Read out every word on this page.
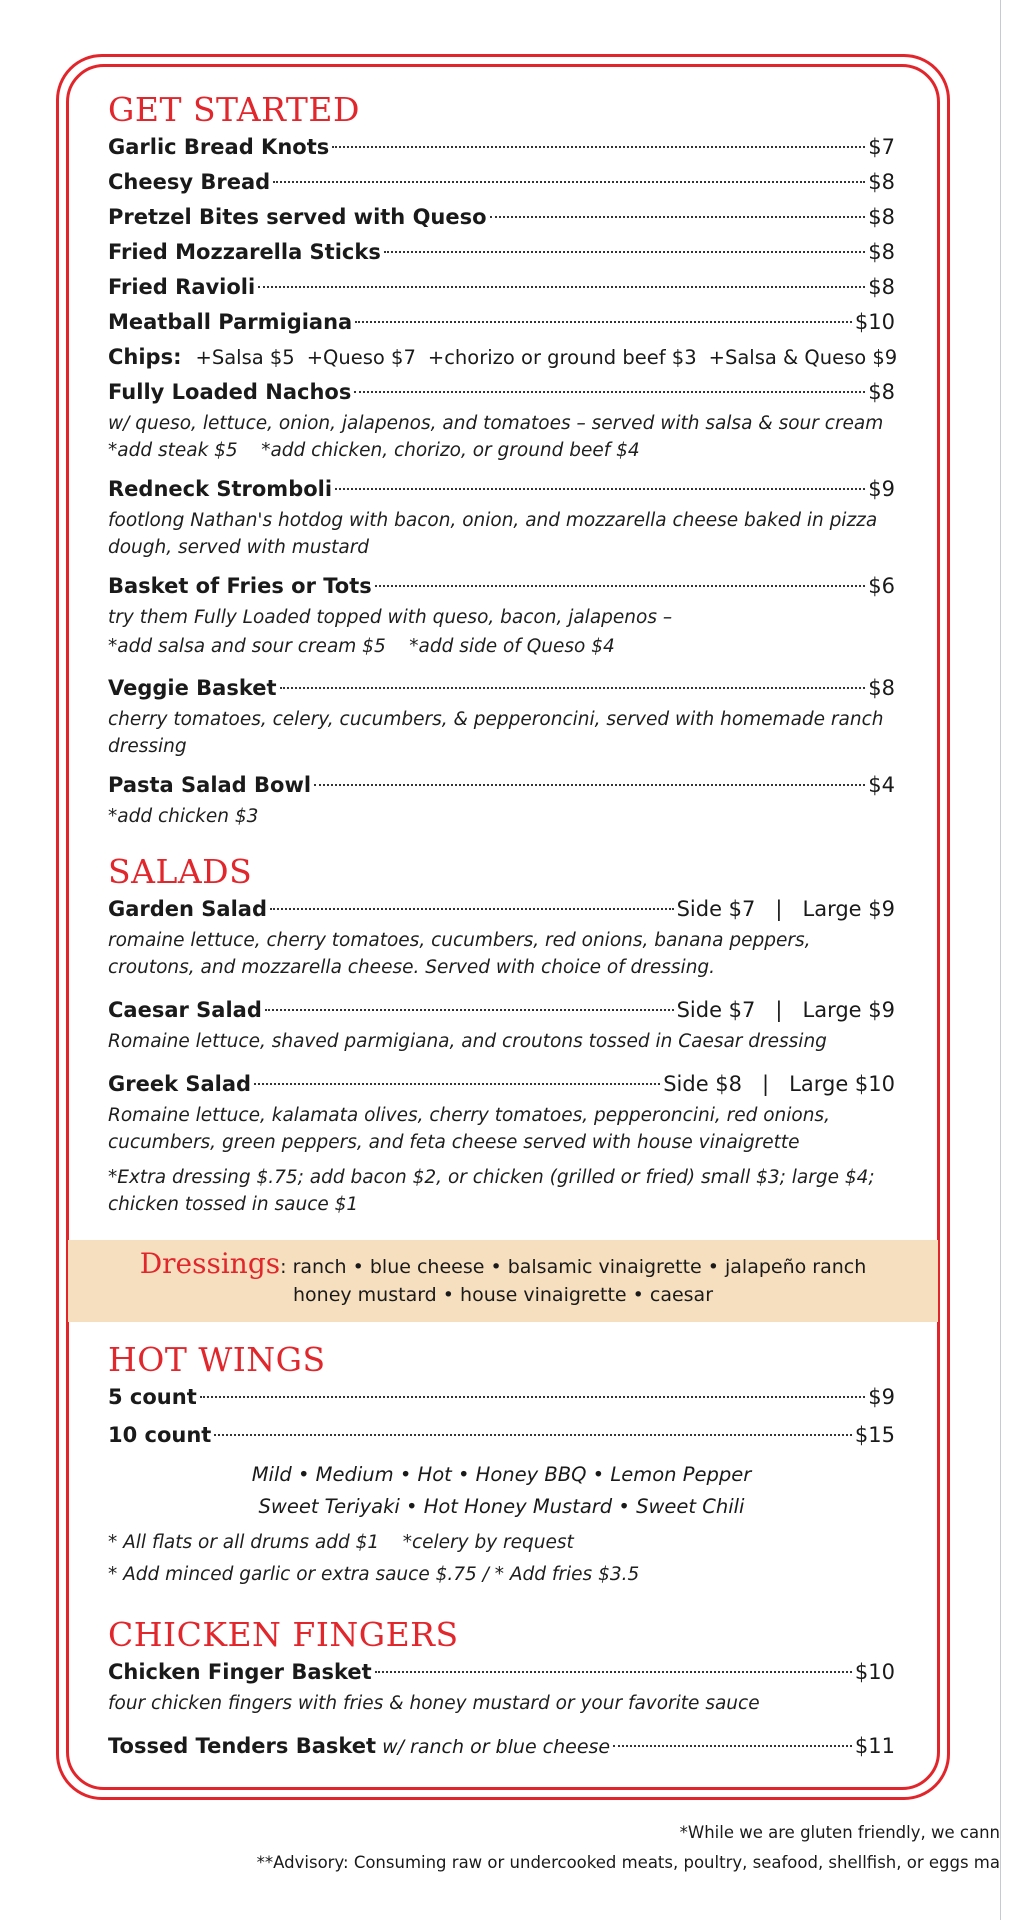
GET STARTED
Garlic Bread Knots	$7
Cheesy Bread	$8
Pretzel Bites served with Queso	$8
Fried Mozzarella Sticks	$8
Fried Ravioli	$8
Meatball Parmigiana	$10
Chips: +Salsa $5 +Queso $7 +chorizo or ground beef $3 +Salsa & Queso $9
Fully Loaded Nachos	$8
w/ queso, lettuce, onion, jalapenos, and tomatoes – served with salsa & sour cream    *add steak $5    *add chicken, chorizo, or ground beef $4
Redneck Stromboli	$9
footlong Nathan's hotdog with bacon, onion, and mozzarella cheese baked in pizza dough, served with mustard
Basket of Fries or Tots	$6
try them Fully Loaded topped with queso, bacon, jalapenos –
*add salsa and sour cream $5    *add side of Queso $4
Veggie Basket	$8
cherry tomatoes, celery, cucumbers, & pepperoncini, served with homemade ranch dressing
Pasta Salad Bowl	$4
*add chicken $3
SALADS
Garden Salad	Side $7   |   Large $9
romaine lettuce, cherry tomatoes, cucumbers, red onions, banana peppers, croutons, and mozzarella cheese. Served with choice of dressing.
Caesar Salad	Side $7   |   Large $9
Romaine lettuce, shaved parmigiana, and croutons tossed in Caesar dressing
Greek Salad	Side $8   |   Large $10
Romaine lettuce, kalamata olives, cherry tomatoes, pepperoncini, red onions, cucumbers, green peppers, and feta cheese served with house vinaigrette
*Extra dressing $.75; add bacon $2, or chicken (grilled or fried) small $3; large $4; chicken tossed in sauce $1
Dressings: ranch • blue cheese • balsamic vinaigrette • jalapeño ranch
honey mustard • house vinaigrette • caesar
HOT WINGS
5 count	$9
10 count	$15
Mild • Medium • Hot • Honey BBQ • Lemon Pepper
Sweet Teriyaki • Hot Honey Mustard • Sweet Chili
* All flats or all drums add $1    *celery by request
* Add minced garlic or extra sauce $.75 / * Add fries $3.5
CHICKEN FINGERS
Chicken Finger Basket	$10
four chicken fingers with fries & honey mustard or your favorite sauce
Tossed Tenders Basket w/ ranch or blue cheese	$11
*While we are gluten friendly, we cann
**Advisory: Consuming raw or undercooked meats, poultry, seafood, shellfish, or eggs ma
